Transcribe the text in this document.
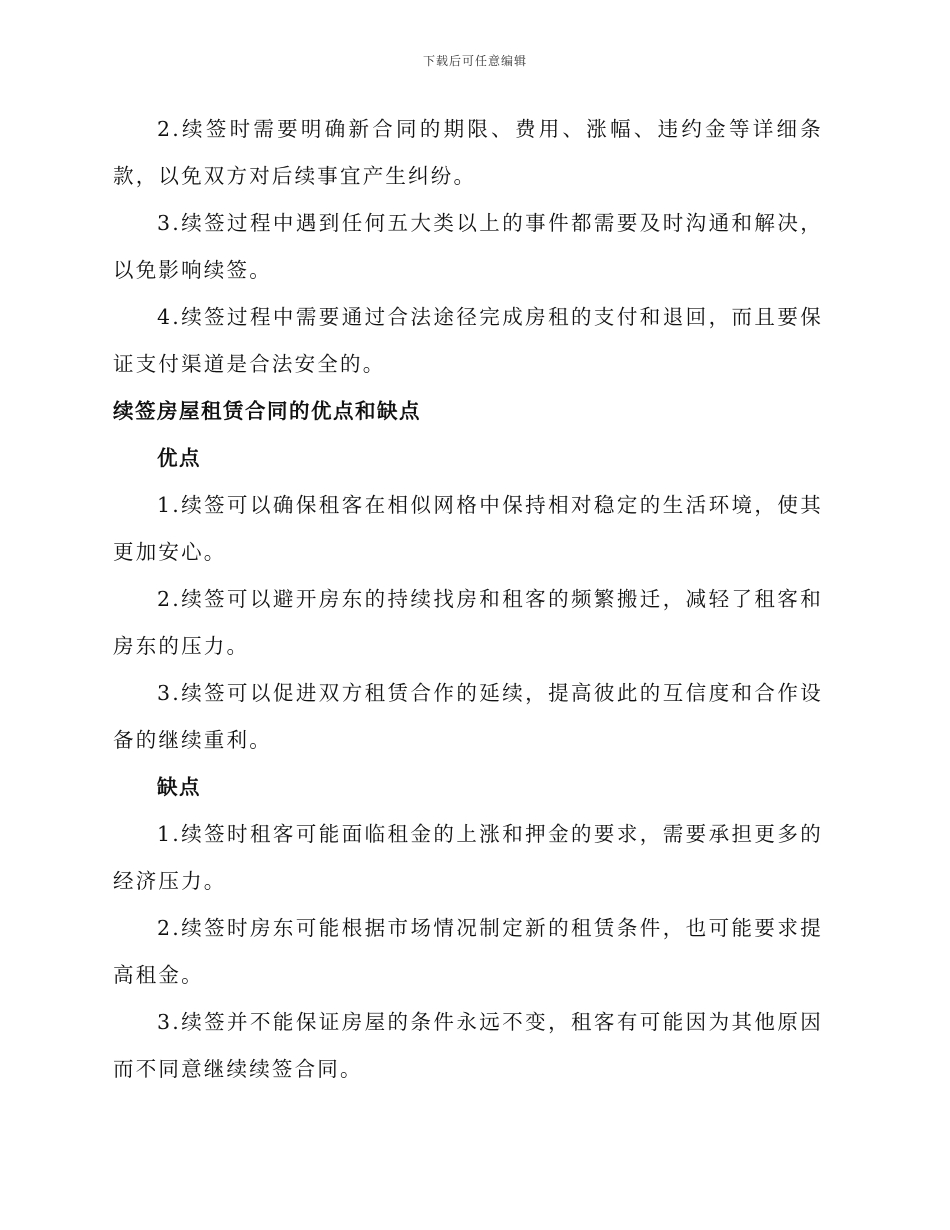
下载后可任意编辑

2.续签时需要明确新合同的期限、费用、涨幅、违约金等详细条款，以免双方对后续事宜产生纠纷。

3.续签过程中遇到任何五大类以上的事件都需要及时沟通和解决，以免影响续签。

4.续签过程中需要通过合法途径完成房租的支付和退回，而且要保证支付渠道是合法安全的。

续签房屋租赁合同的优点和缺点

优点

1.续签可以确保租客在相似网格中保持相对稳定的生活环境，使其更加安心。

2.续签可以避开房东的持续找房和租客的频繁搬迁，减轻了租客和房东的压力。

3.续签可以促进双方租赁合作的延续，提高彼此的互信度和合作设备的继续重利。

缺点

1.续签时租客可能面临租金的上涨和押金的要求，需要承担更多的经济压力。

2.续签时房东可能根据市场情况制定新的租赁条件，也可能要求提高租金。

3.续签并不能保证房屋的条件永远不变，租客有可能因为其他原因而不同意继续续签合同。
